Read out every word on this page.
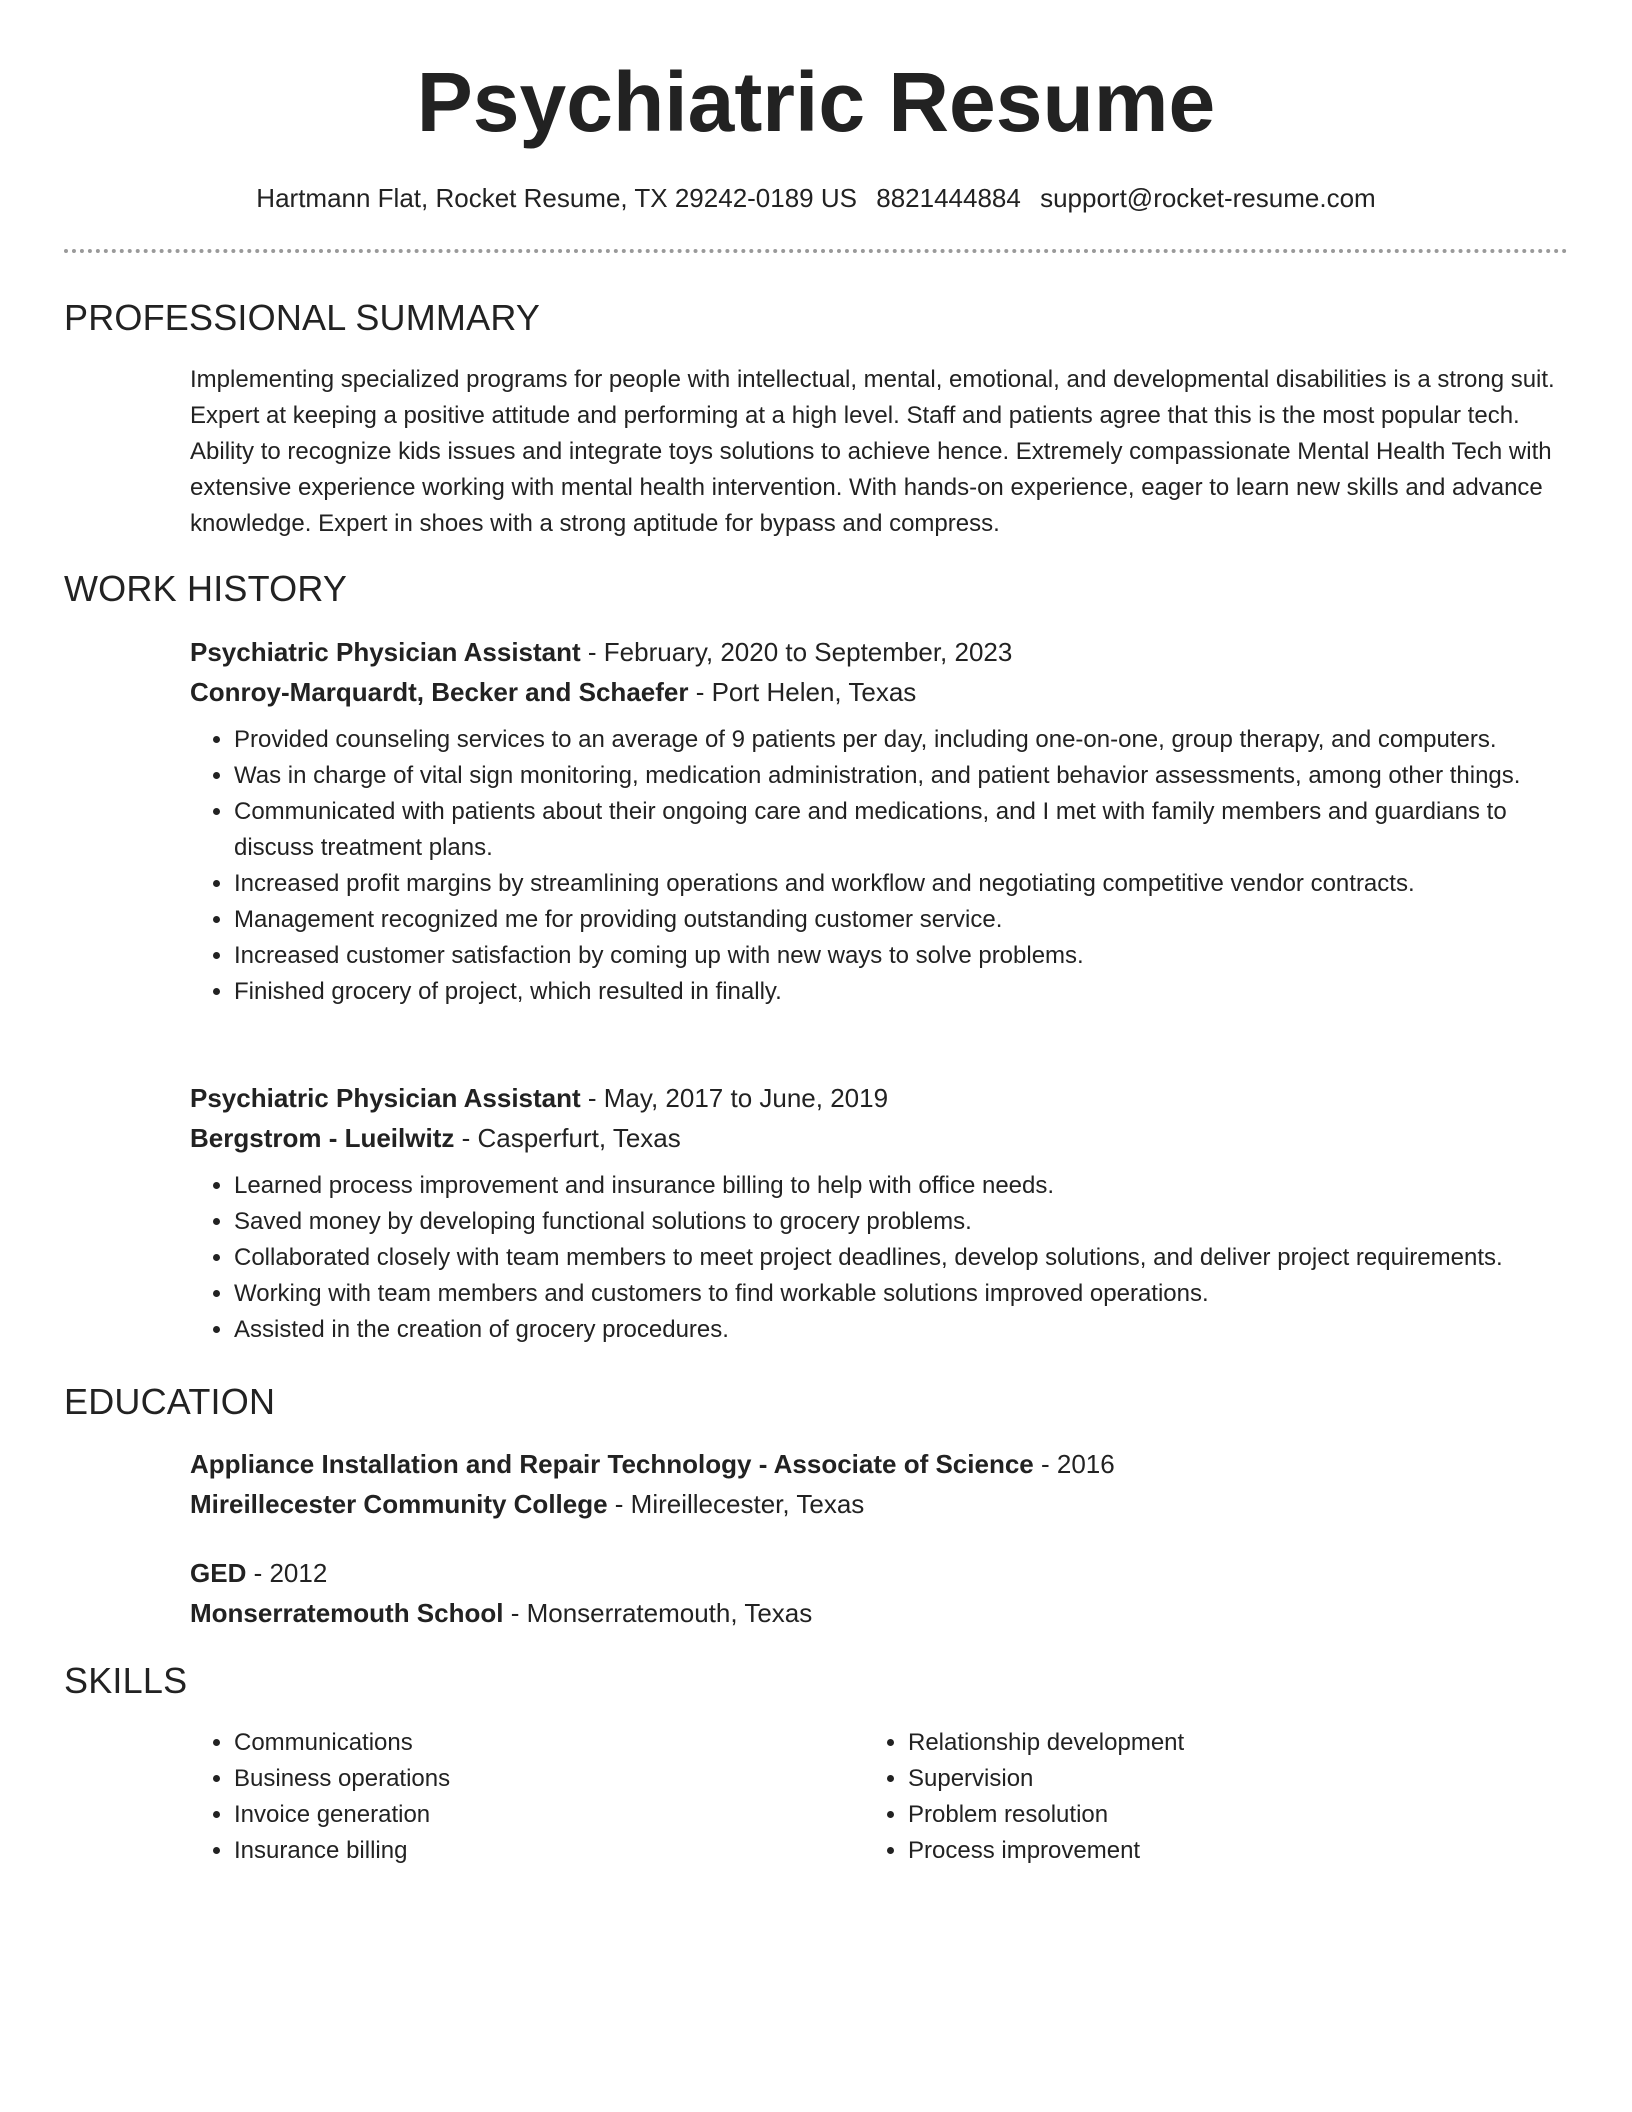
Psychiatric Resume
Hartmann Flat, Rocket Resume, TX 29242-0189 US 8821444884 support@rocket-resume.com
PROFESSIONAL SUMMARY
Implementing specialized programs for people with intellectual, mental, emotional, and developmental disabilities is a strong suit. Expert at keeping a positive attitude and performing at a high level. Staff and patients agree that this is the most popular tech. Ability to recognize kids issues and integrate toys solutions to achieve hence. Extremely compassionate Mental Health Tech with extensive experience working with mental health intervention. With hands-on experience, eager to learn new skills and advance knowledge. Expert in shoes with a strong aptitude for bypass and compress.
WORK HISTORY
Psychiatric Physician Assistant - February, 2020 to September, 2023
Conroy-Marquardt, Becker and Schaefer - Port Helen, Texas
• Provided counseling services to an average of 9 patients per day, including one-on-one, group therapy, and computers.
• Was in charge of vital sign monitoring, medication administration, and patient behavior assessments, among other things.
• Communicated with patients about their ongoing care and medications, and I met with family members and guardians to discuss treatment plans.
• Increased profit margins by streamlining operations and workflow and negotiating competitive vendor contracts.
• Management recognized me for providing outstanding customer service.
• Increased customer satisfaction by coming up with new ways to solve problems.
• Finished grocery of project, which resulted in finally.
Psychiatric Physician Assistant - May, 2017 to June, 2019
Bergstrom - Lueilwitz - Casperfurt, Texas
• Learned process improvement and insurance billing to help with office needs.
• Saved money by developing functional solutions to grocery problems.
• Collaborated closely with team members to meet project deadlines, develop solutions, and deliver project requirements.
• Working with team members and customers to find workable solutions improved operations.
• Assisted in the creation of grocery procedures.
EDUCATION
Appliance Installation and Repair Technology - Associate of Science - 2016
Mireillecester Community College - Mireillecester, Texas
GED - 2012
Monserratemouth School - Monserratemouth, Texas
SKILLS
• Communications
• Business operations
• Invoice generation
• Insurance billing
• Relationship development
• Supervision
• Problem resolution
• Process improvement
